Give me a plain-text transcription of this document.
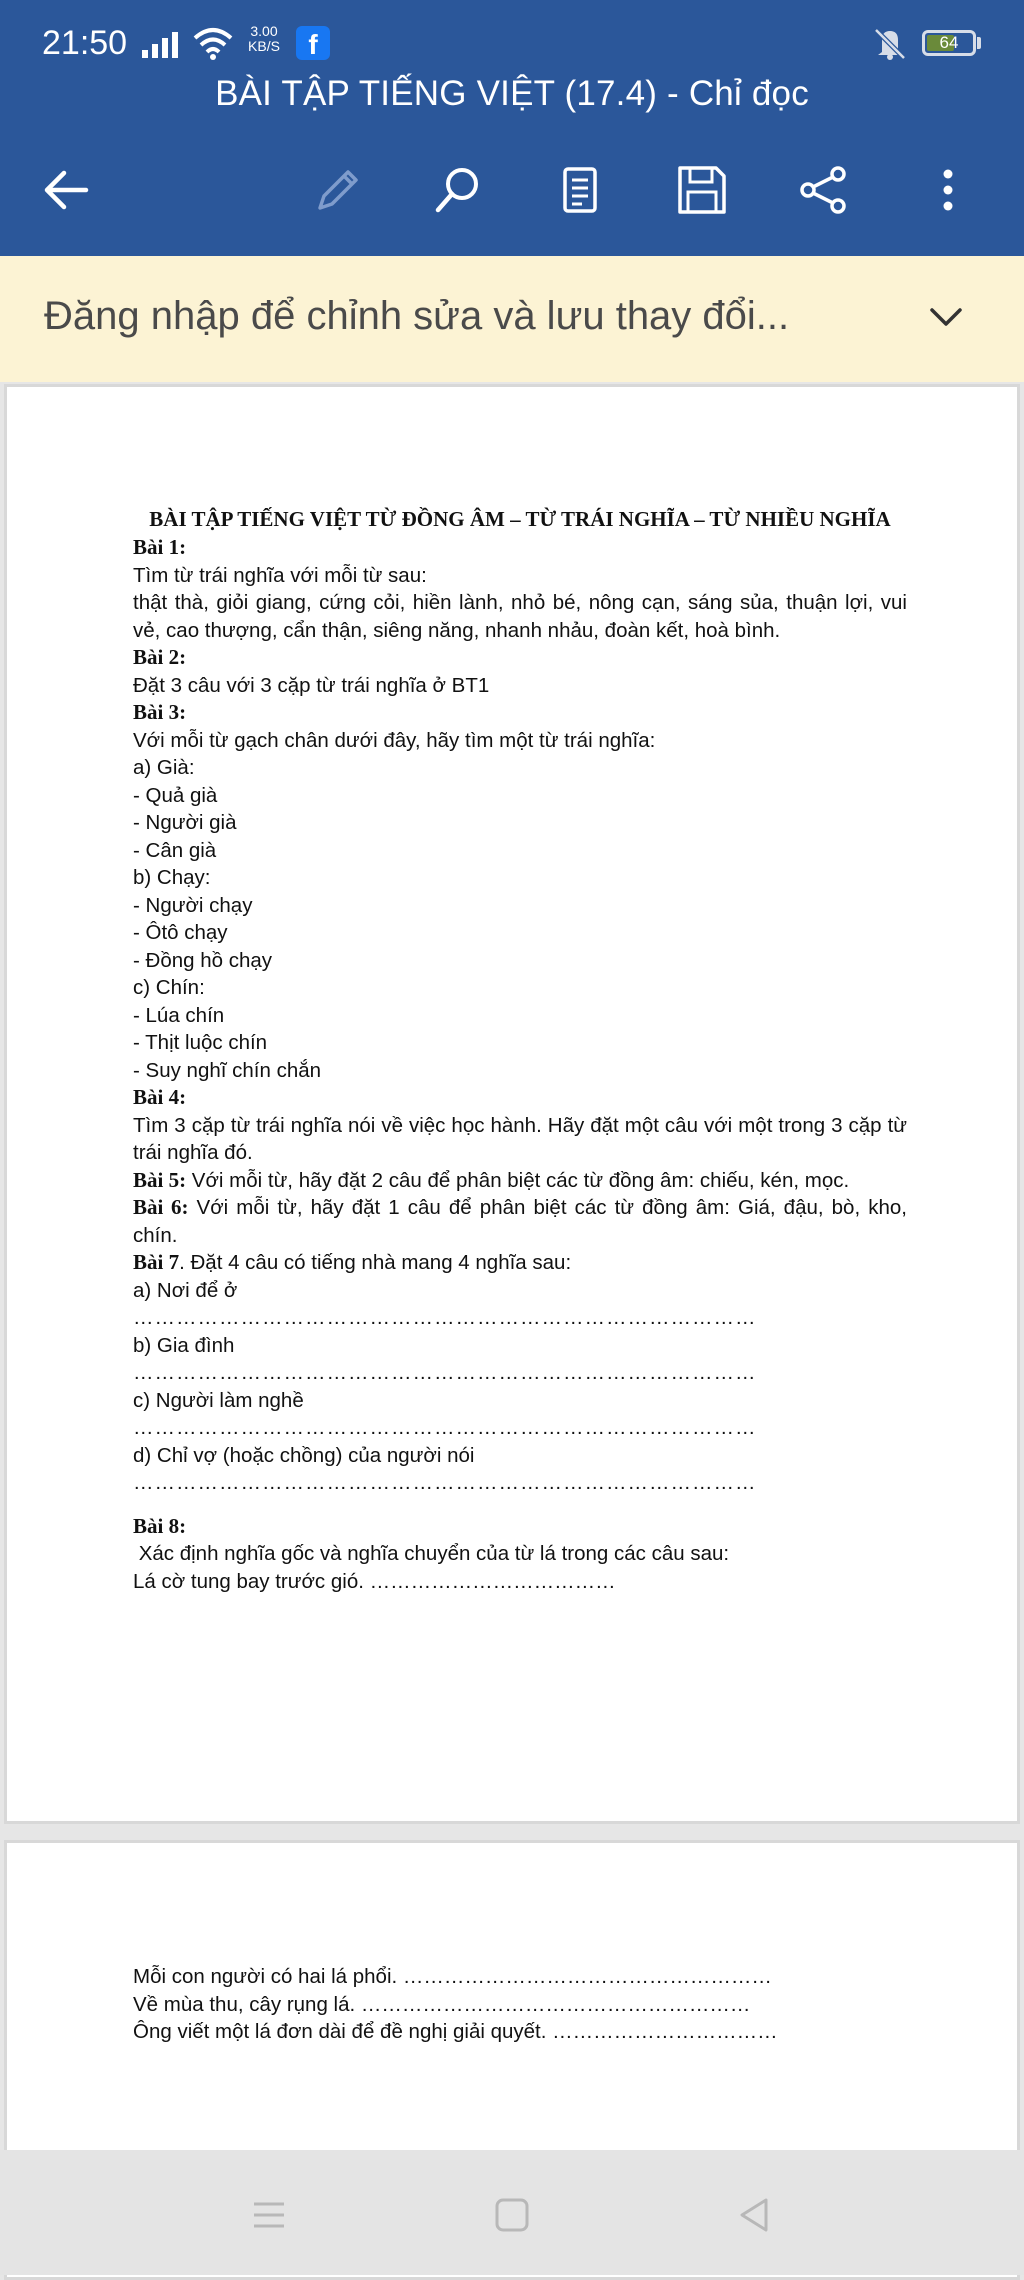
21:50	3.00
KB/S	f	64
BÀI TẬP TIẾNG VIỆT (17.4) - Chỉ đọc
Đăng nhập để chỉnh sửa và lưu thay đổi...
BÀI TẬP TIẾNG VIỆT TỪ ĐỒNG ÂM – TỪ TRÁI NGHĨA – TỪ NHIỀU NGHĨA
Bài 1:
Tìm từ trái nghĩa với mỗi từ sau:
thật thà, giỏi giang, cứng cỏi, hiền lành, nhỏ bé, nông cạn, sáng sủa, thuận lợi, vui vẻ, cao thượng, cẩn thận, siêng năng, nhanh nhảu, đoàn kết, hoà bình.
Bài 2:
Đặt 3 câu với 3 cặp từ trái nghĩa ở BT1
Bài 3:
Với mỗi từ gạch chân dưới đây, hãy tìm một từ trái nghĩa:
a) Già:
- Quả già
- Người già
- Cân già
b) Chạy:
- Người chạy
- Ôtô chạy
- Đồng hồ chạy
c) Chín:
- Lúa chín
- Thịt luộc chín
- Suy nghĩ chín chắn
Bài 4:
Tìm 3 cặp từ trái nghĩa nói về việc học hành. Hãy đặt một câu với một trong 3 cặp từ trái nghĩa đó.
Bài 5: Với mỗi từ, hãy đặt 2 câu để phân biệt các từ đồng âm: chiếu, kén, mọc.
Bài 6: Với mỗi từ, hãy đặt 1 câu để phân biệt các từ đồng âm: Giá, đậu, bò, kho, chín.
Bài 7. Đặt 4 câu có tiếng nhà mang 4 nghĩa sau:
a) Nơi để ở
……………………………………………………………………………
b) Gia đình
……………………………………………………………………………
c) Người làm nghề
……………………………………………………………………………
d) Chỉ vợ (hoặc chồng) của người nói
……………………………………………………………………………
Bài 8:
Xác định nghĩa gốc và nghĩa chuyển của từ lá trong các câu sau:
Lá cờ tung bay trước gió. ………………………………
Mỗi con người có hai lá phổi. ………………………………………………
Về mùa thu, cây rụng lá. …………………………………………………
Ông viết một lá đơn dài để đề nghị giải quyết. ……………………………
